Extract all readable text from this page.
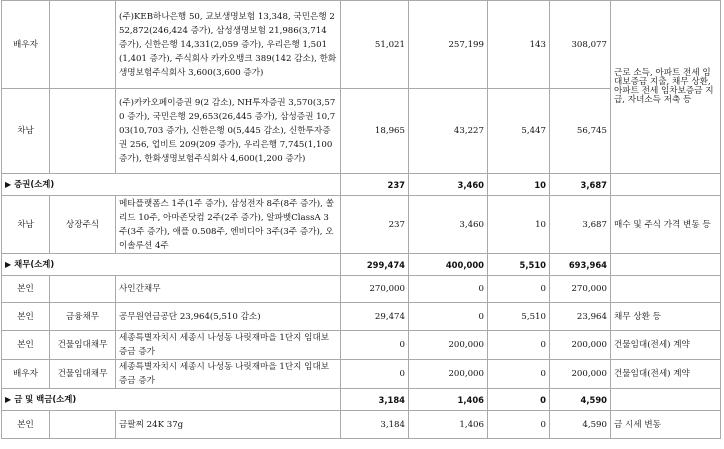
배우자		(주)KEB하나은행 50, 교보생명보험 13,348, 국민은행 252,872(246,424 증가), 삼성생명보험 21,986(3,714 증가), 신한은행 14,331(2,059 증가), 우리은행 1,501(1,401 증가), 주식회사 카카오뱅크 389(142 감소), 한화생명보험주식회사 3,600(3,600 증가)	51,021	257,199	143	308,077	근로 소득, 아파트 전세 임대보증금 지출, 채무 상환, 아파트 전세 임차보증금 지급, 자녀소득 저축 등

차남		(주)카카오페이증권 9(2 감소), NH투자증권 3,570(3,570 증가), 국민은행 29,653(26,445 증가), 삼성증권 10,703(10,703 증가), 신한은행 0(5,445 감소), 신한투자증권 256, 업비트 209(209 증가), 우리은행 7,745(1,100 증가), 한화생명보험주식회사 4,600(1,200 증가)	18,965	43,227	5,447	56,745	
▶ 증권(소계)			237	3,460	10	3,687	
차남	상장주식	메타플랫폼스 1주(1주 증가), 삼성전자 8주(8주 증가), 쏠리드 10주, 아마존닷컴 2주(2주 증가), 알파벳ClassA 3주(3주 증가), 애플 0.508주, 엔비디아 3주(3주 증가), 오이솔루션 4주	237	3,460	10	3,687	매수 및 주식 가격 변동 등
▶ 채무(소계)			299,474	400,000	5,510	693,964	
본인		사인간채무	270,000	0	0	270,000	
본인	금융채무	공무원연금공단 23,964(5,510 감소)	29,474	0	5,510	23,964	채무 상환 등
본인	건물임대채무	세종특별자치시 세종시 나성동 나릿재마을 1단지 임대보증금 증가	0	200,000	0	200,000	건물임대(전세) 계약
배우자	건물임대채무	세종특별자치시 세종시 나성동 나릿재마을 1단지 임대보증금 증가	0	200,000	0	200,000	건물임대(전세) 계약
▶ 금 및 백금(소계)			3,184	1,406	0	4,590	
본인		금팔찌 24K 37g	3,184	1,406	0	4,590	금 시세 변동
